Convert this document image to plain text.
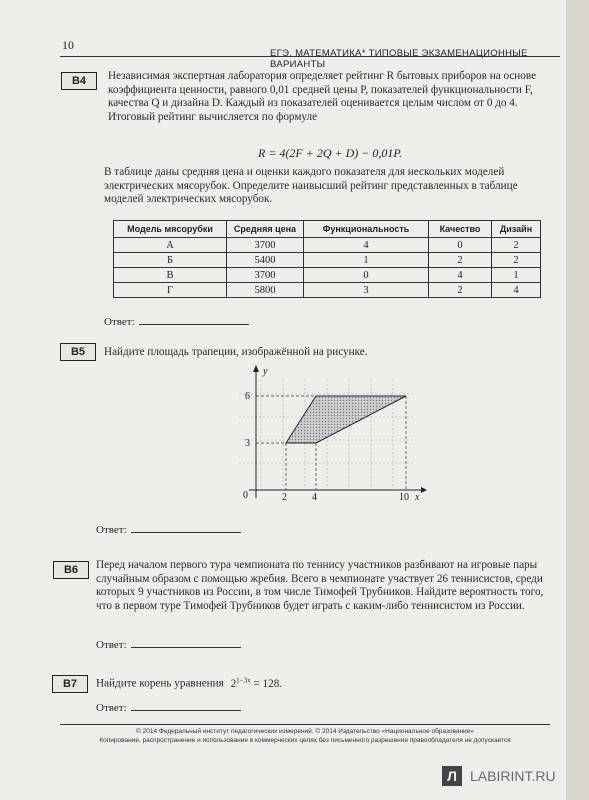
10
ЕГЭ. МАТЕМАТИКА* ТИПОВЫЕ ЭКЗАМЕНАЦИОННЫЕ ВАРИАНТЫ
B4	Независимая экспертная лаборатория определяет рейтинг R бытовых приборов на основе коэффициента ценности, равного 0,01 средней цены P, показателей функциональности F, качества Q и дизайна D. Каждый из показателей оценивается целым числом от 0 до 4. Итоговый рейтинг вычисляется по формуле

R = 4(2F + 2Q + D) − 0,01P.

В таблице даны средняя цена и оценки каждого показателя для нескольких моделей электрических мясорубок. Определите наивысший рейтинг представленных в таблице моделей электрических мясорубок.

Модель мясорубки	Средняя цена	Функциональность	Качество	Дизайн
А	3700	4	0	2
Б	5400	1	2	2
В	3700	0	4	1
Г	5800	3	2	4
Ответ:
B5	Найдите площадь трапеции, изображённой на рисунке.

y
x
0	2	4	10
3
6
Ответ:
B6	Перед началом первого тура чемпионата по теннису участников разбивают на игровые пары случайным образом с помощью жребия. Всего в чемпионате участвует 26 теннисистов, среди которых 9 участников из России, в том числе Тимофей Трубников. Найдите вероятность того, что в первом туре Тимофей Трубников будет играть с каким-либо теннисистом из России.

Ответ:
B7	Найдите корень уравнения $2^{1-3x} = 128$.

Ответ:
© 2014 Федеральный институт педагогических измерений. © 2014 Издательство «Национальное образование»
Копирование, распространение и использование в коммерческих целях без письменного разрешения правообладателя не допускается
Л LABIRINT.RU
